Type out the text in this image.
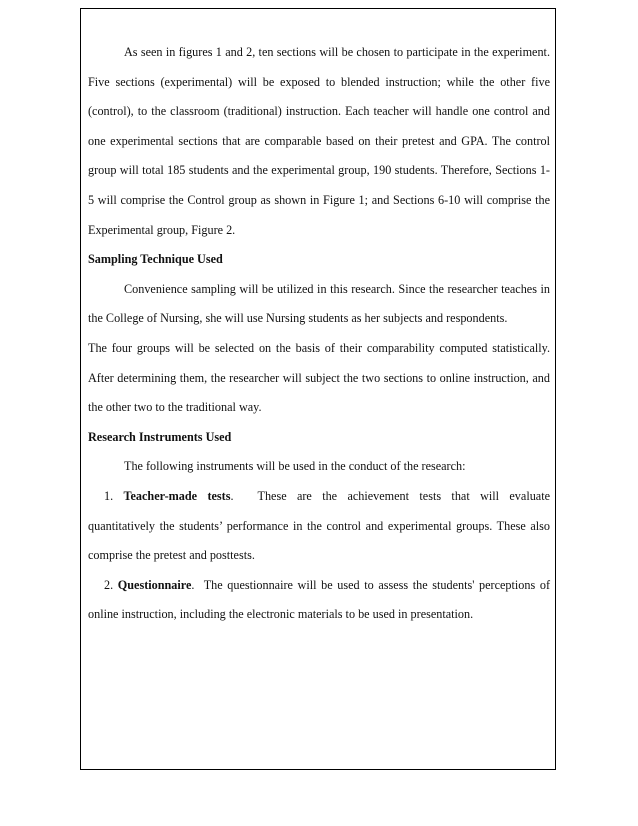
As seen in figures 1 and 2, ten sections will be chosen to participate in the experiment. Five sections (experimental) will be exposed to blended instruction; while the other five (control), to the classroom (traditional) instruction. Each teacher will handle one control and one experimental sections that are comparable based on their pretest and GPA. The control group will total 185 students and the experimental group, 190 students. Therefore, Sections 1-5 will comprise the Control group as shown in Figure 1; and Sections 6-10 will comprise the Experimental group, Figure 2.

Sampling Technique Used

Convenience sampling will be utilized in this research. Since the researcher teaches in the College of Nursing, she will use Nursing students as her subjects and respondents.

The four groups will be selected on the basis of their comparability computed statistically. After determining them, the researcher will subject the two sections to online instruction, and the other two to the traditional way.

Research Instruments Used

The following instruments will be used in the conduct of the research:

1. Teacher-made tests. These are the achievement tests that will evaluate quantitatively the students’ performance in the control and experimental groups. These also comprise the pretest and posttests.

2. Questionnaire. The questionnaire will be used to assess the students' perceptions of online instruction, including the electronic materials to be used in presentation.
